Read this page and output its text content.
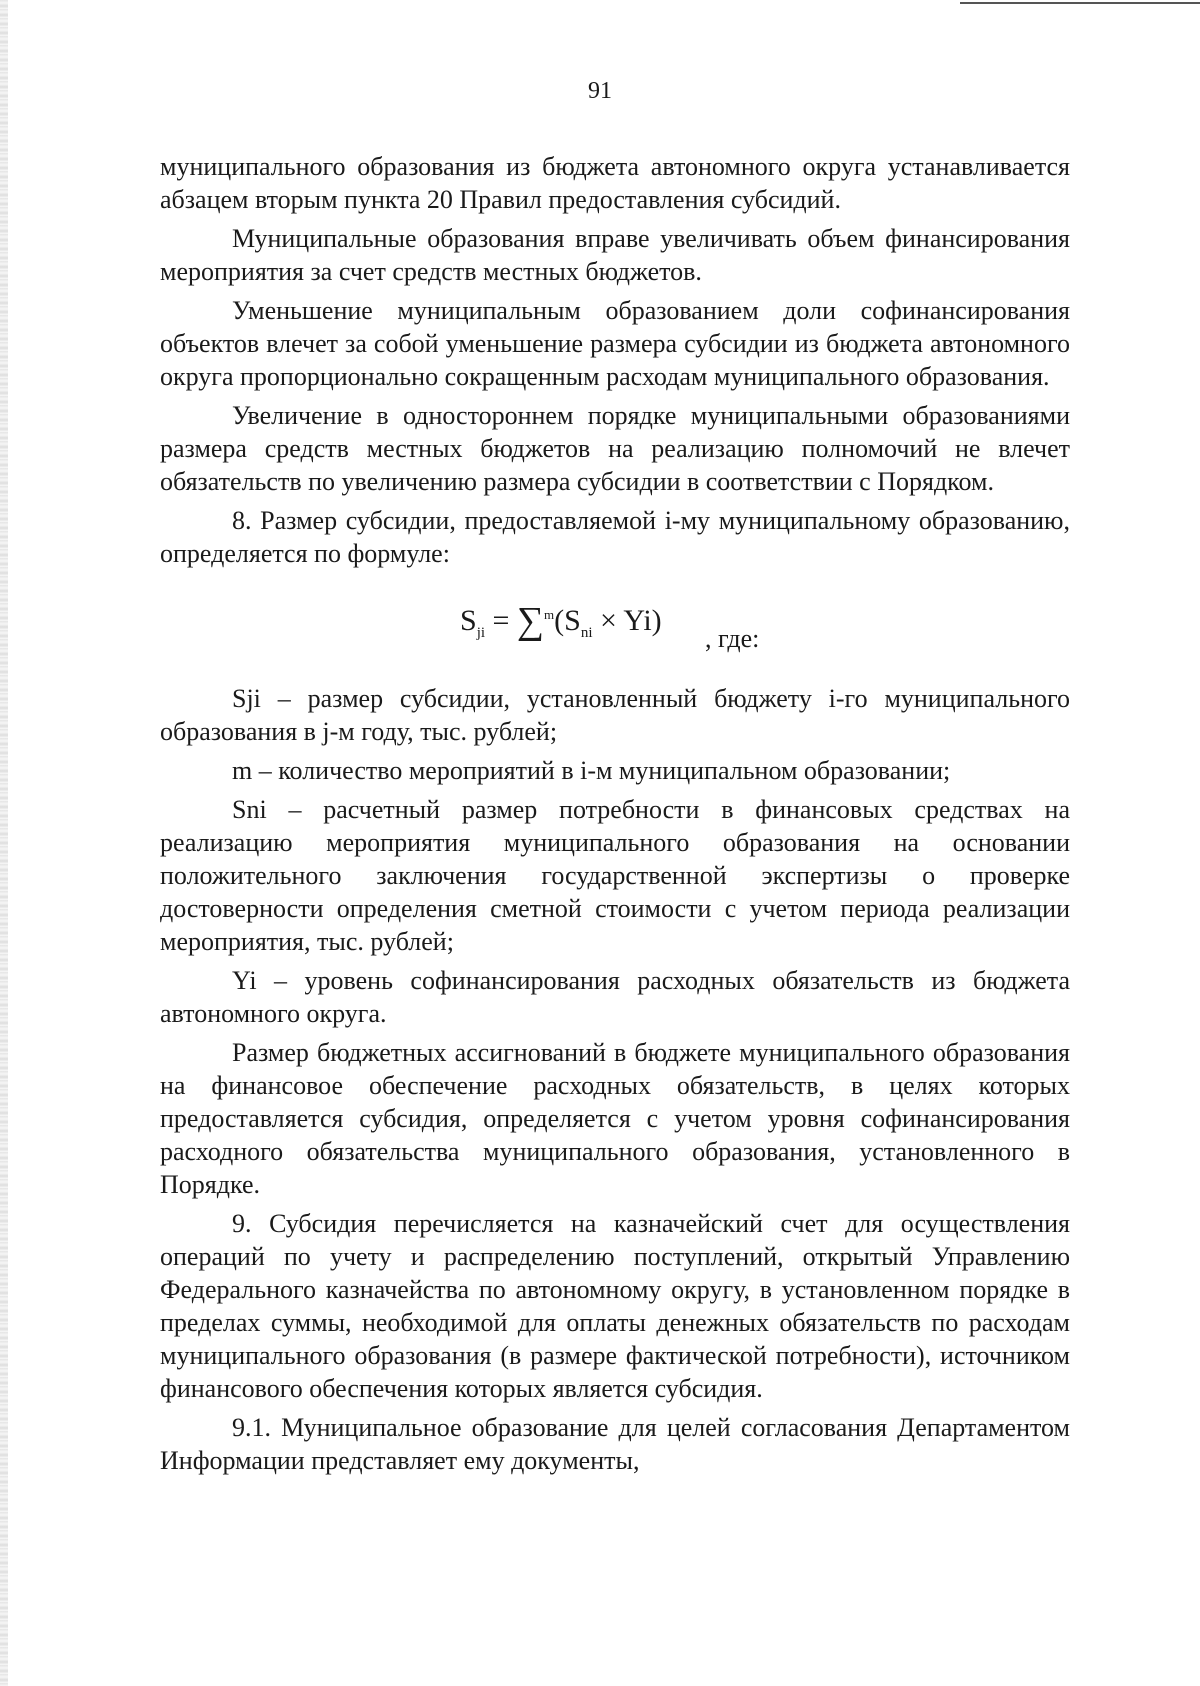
91

муниципального образования из бюджета автономного округа устанавливается абзацем вторым пункта 20 Правил предоставления субсидий.

Муниципальные образования вправе увеличивать объем финансирования мероприятия за счет средств местных бюджетов.

Уменьшение муниципальным образованием доли софинансирования объектов влечет за собой уменьшение размера субсидии из бюджета автономного округа пропорционально сокращенным расходам муниципального образования.

Увеличение в одностороннем порядке муниципальными образованиями размера средств местных бюджетов на реализацию полномочий не влечет обязательств по увеличению размера субсидии в соответствии с Порядком.

8. Размер субсидии, предоставляемой i-му муниципальному образованию, определяется по формуле:

$S_{ji} = \sum^m(S_{ni} \times Yi)$
, где:

Sji – размер субсидии, установленный бюджету i-го муниципального образования в j-м году, тыс. рублей;

m – количество мероприятий в i-м муниципальном образовании;

Sni – расчетный размер потребности в финансовых средствах на реализацию мероприятия муниципального образования на основании положительного заключения государственной экспертизы о проверке достоверности определения сметной стоимости с учетом периода реализации мероприятия, тыс. рублей;

Yi – уровень софинансирования расходных обязательств из бюджета автономного округа.

Размер бюджетных ассигнований в бюджете муниципального образования на финансовое обеспечение расходных обязательств, в целях которых предоставляется субсидия, определяется с учетом уровня софинансирования расходного обязательства муниципального образования, установленного в Порядке.

9. Субсидия перечисляется на казначейский счет для осуществления операций по учету и распределению поступлений, открытый Управлению Федерального казначейства по автономному округу, в установленном порядке в пределах суммы, необходимой для оплаты денежных обязательств по расходам муниципального образования (в размере фактической потребности), источником финансового обеспечения которых является субсидия.

9.1. Муниципальное образование для целей согласования Департаментом Информации представляет ему документы,
